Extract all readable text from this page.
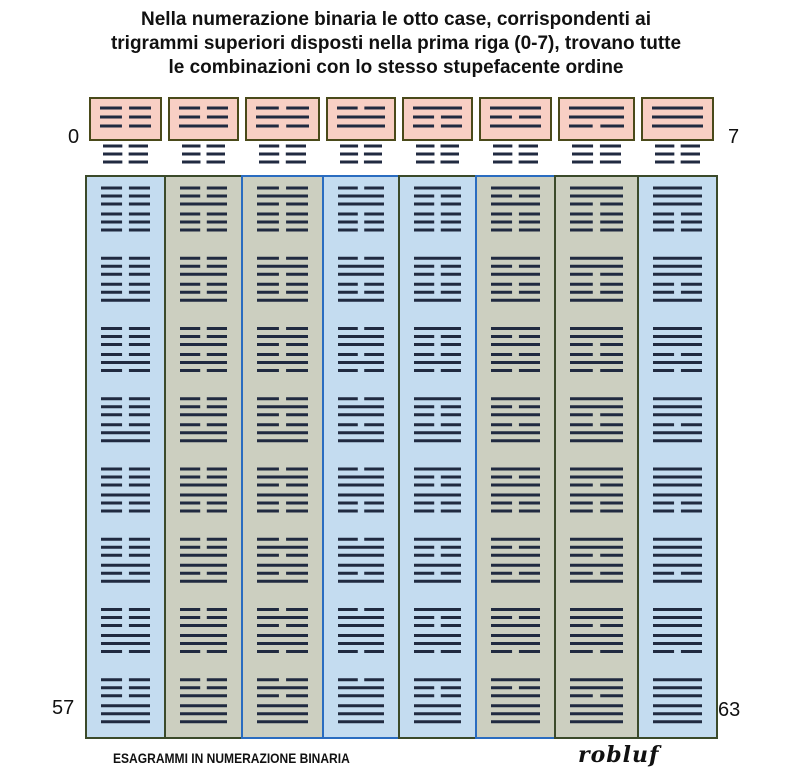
Nella numerazione binaria le otto case, corrispondenti ai
trigrammi superiori disposti nella prima riga (0-7), trovano tutte
le combinazioni con lo stesso stupefacente ordine
0	7
57	63
ESAGRAMMI IN NUMERAZIONE BINARIA	robluf
